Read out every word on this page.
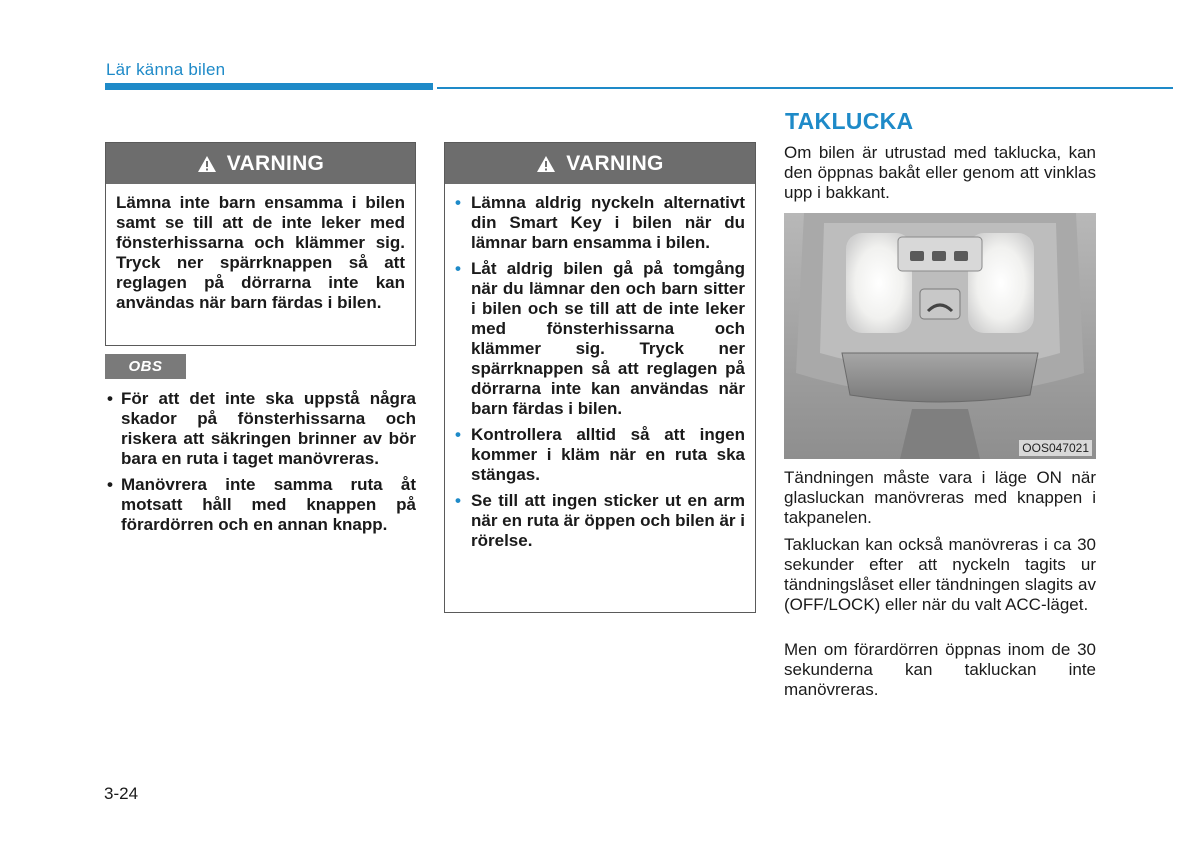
Lär känna bilen
VARNING
Lämna inte barn ensamma i bilen samt se till att de inte leker med fönsterhissarna och klämmer sig. Tryck ner spärrknappen så att reglagen på dörrarna inte kan användas när barn färdas i bilen.
OBS
• För att det inte ska uppstå några skador på fönsterhissarna och riskera att säkringen brinner av bör bara en ruta i taget manövreras.
• Manövrera inte samma ruta åt motsatt håll med knappen på förardörren och en annan knapp.
VARNING
• Lämna aldrig nyckeln alternativt din Smart Key i bilen när du lämnar barn ensamma i bilen.
• Låt aldrig bilen gå på tomgång när du lämnar den och barn sitter i bilen och se till att de inte leker med fönsterhissarna och klämmer sig. Tryck ner spärrknappen så att reglagen på dörrarna inte kan användas när barn färdas i bilen.
• Kontrollera alltid så att ingen kommer i kläm när en ruta ska stängas.
• Se till att ingen sticker ut en arm när en ruta är öppen och bilen är i rörelse.
TAKLUCKA

Om bilen är utrustad med taklucka, kan den öppnas bakåt eller genom att vinklas upp i bakkant.

OOS047021

Tändningen måste vara i läge ON när glasluckan manövreras med knappen i takpanelen.

Takluckan kan också manövreras i ca 30 sekunder efter att nyckeln tagits ur tändningslåset eller tändningen slagits av (OFF/LOCK) eller när du valt ACC-läget.

Men om förardörren öppnas inom de 30 sekunderna kan takluckan inte manövreras.

3-24
